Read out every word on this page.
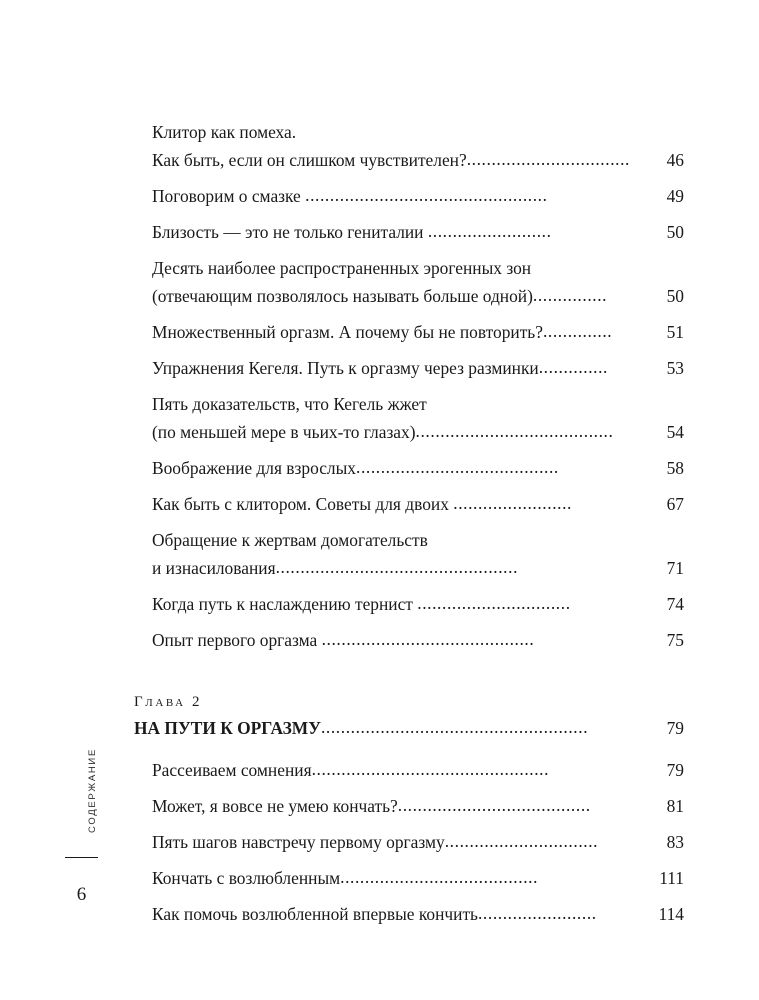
СОДЕРЖАНИЕ
6
Клитор как помеха.
Как быть, если он слишком чувствителен? .................................	46
Поговорим о смазке .................................................	49
Близость — это не только гениталии .........................	50
Десять наиболее распространенных эрогенных зон
(отвечающим позволялось называть больше одной) ...............	50
Множественный оргазм. А почему бы не повторить? ..............	51
Упражнения Кегеля. Путь к оргазму через разминки ..............	53
Пять доказательств, что Кегель жжет
(по меньшей мере в чьих-то глазах) ........................................	54
Воображение для взрослых .........................................	58
Как быть с клитором. Советы для двоих ........................	67
Обращение к жертвам домогательств
и изнасилования .................................................	71
Когда путь к наслаждению тернист ...............................	74
Опыт первого оргазма ...........................................	75
Глава 2
НА ПУТИ К ОРГАЗМУ ......................................................	79
Рассеиваем сомнения ................................................	79
Может, я вовсе не умею кончать? .......................................	81
Пять шагов навстречу первому оргазму ...............................	83
Кончать с возлюбленным ........................................	111
Как помочь возлюбленной впервые кончить ........................	114
